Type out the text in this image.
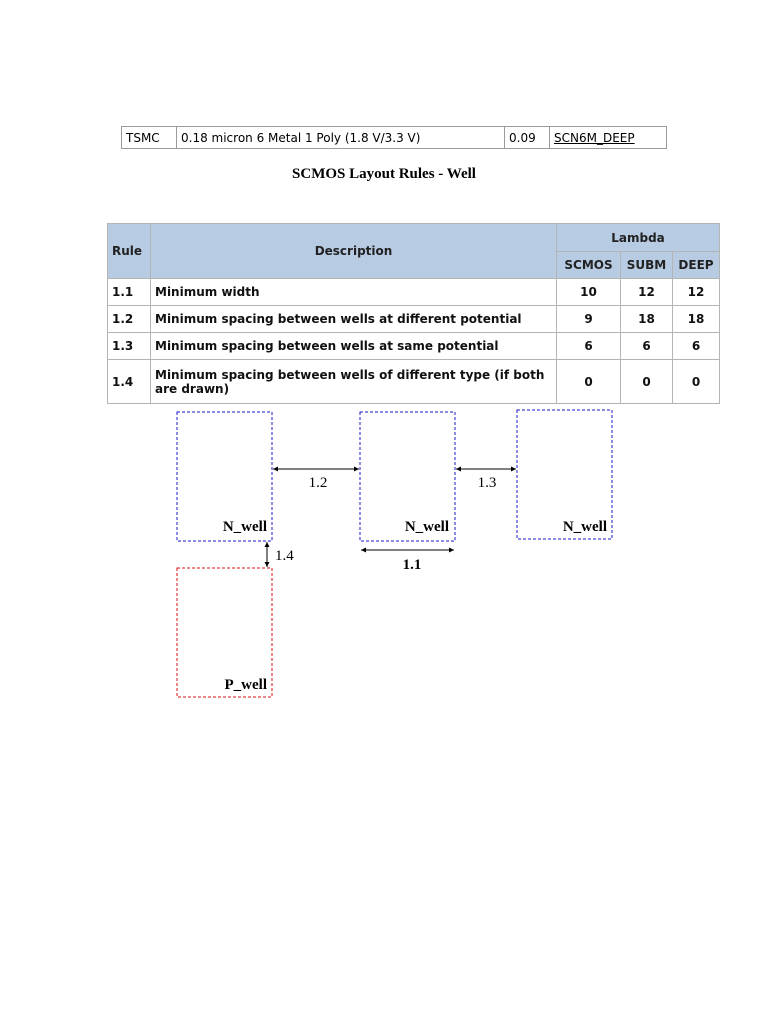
TSMC	0.18 micron 6 Metal 1 Poly (1.8 V/3.3 V)	0.09	SCN6M_DEEP
SCMOS Layout Rules - Well
Rule	Description	Lambda		
		SCMOS	SUBM	DEEP
1.1	Minimum width	10	12	12
1.2	Minimum spacing between wells at different potential	9	18	18
1.3	Minimum spacing between wells at same potential	6	6	6
1.4	Minimum spacing between wells of different type (if both are drawn)	0	0	0
N_well	N_well	N_well
P_well
1.2	1.3
1.1
1.4
